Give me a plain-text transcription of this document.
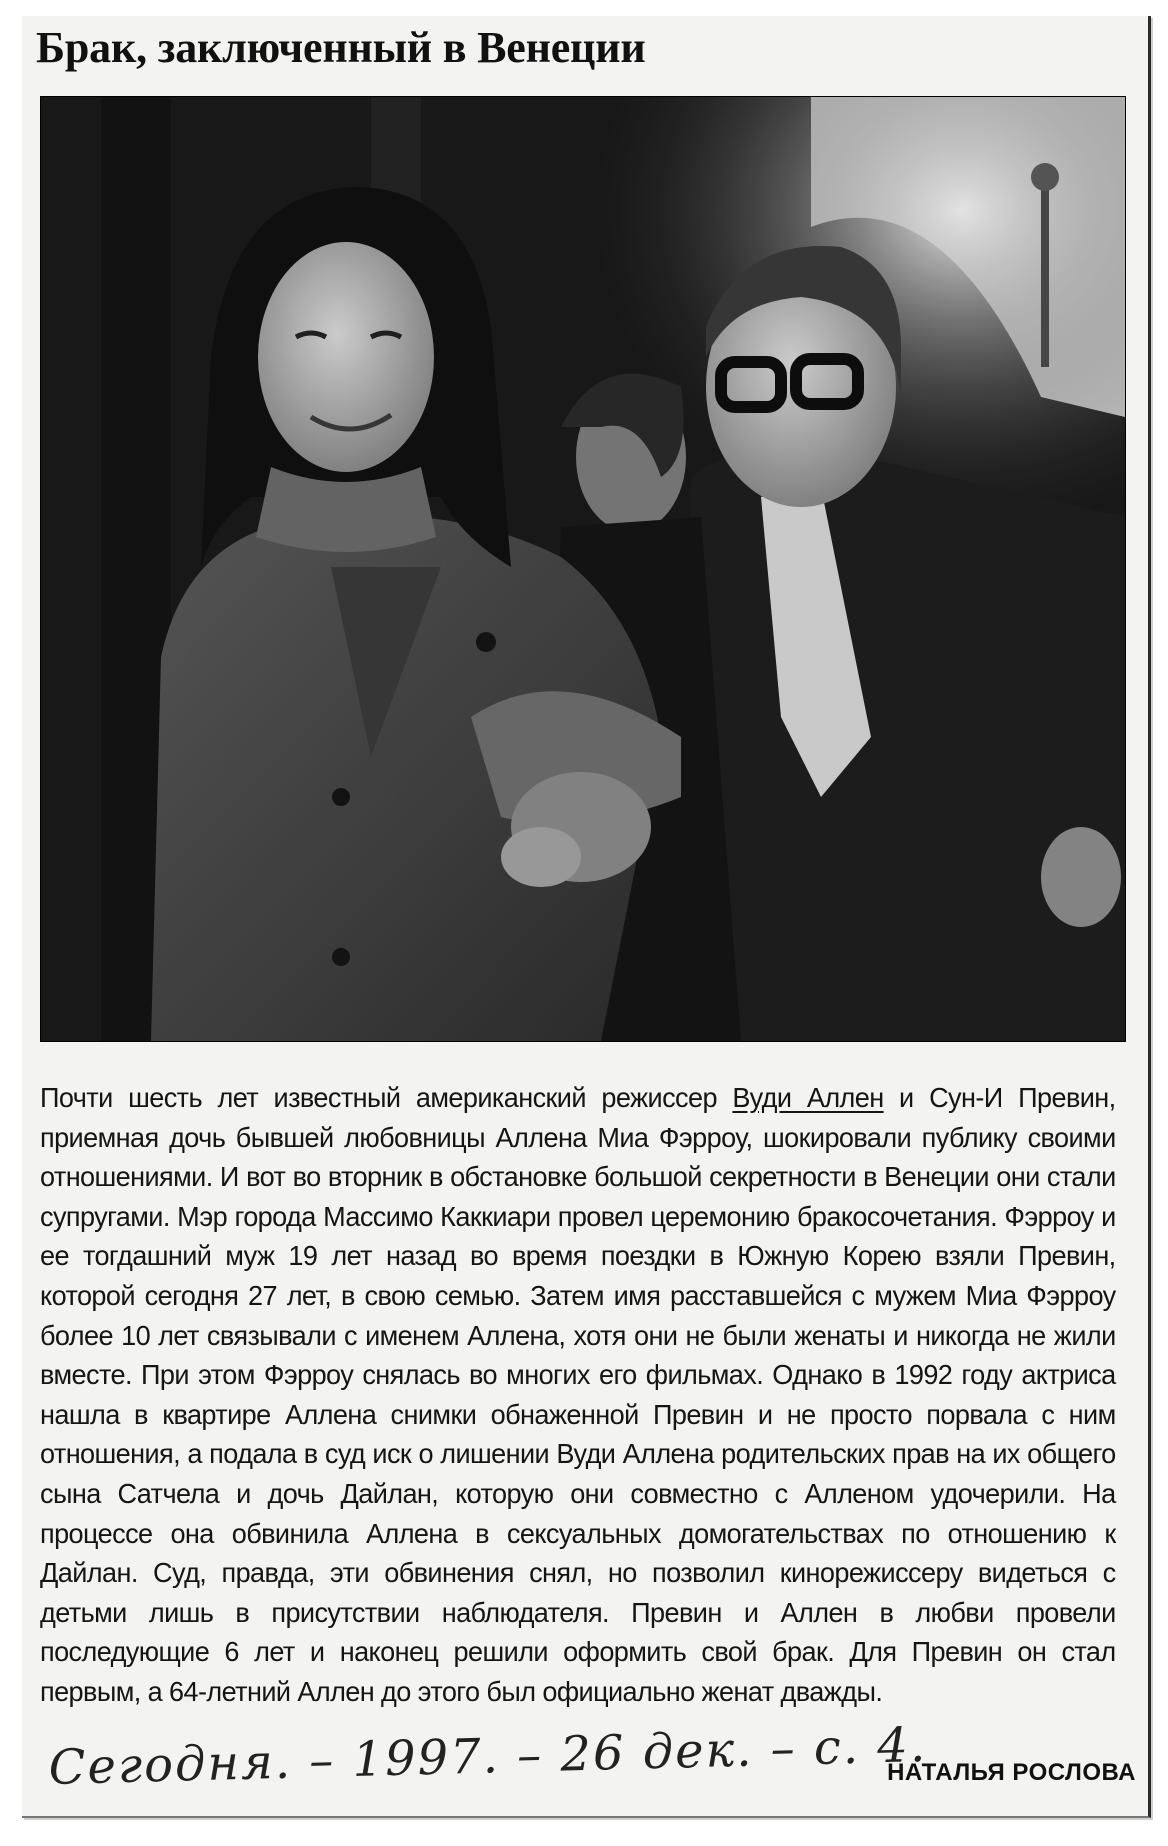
Брак, заключенный в Венеции
Почти шесть лет известный американский режиссер Вуди Аллен и Сун-И Превин, приемная дочь бывшей любовницы Аллена Миа Фэрроу, шокировали публику своими отношениями. И вот во вторник в обстановке большой секретности в Венеции они стали супругами. Мэр города Массимо Каккиари провел церемонию бракосочетания. Фэрроу и ее тогдашний муж 19 лет назад во время поездки в Южную Корею взяли Превин, которой сегодня 27 лет, в свою семью. Затем имя расставшейся с мужем Миа Фэрроу более 10 лет связывали с именем Аллена, хотя они не были женаты и никогда не жили вместе. При этом Фэрроу снялась во многих его фильмах. Однако в 1992 году актриса нашла в квартире Аллена снимки обнаженной Превин и не просто порвала с ним отношения, а подала в суд иск о лишении Вуди Аллена родительских прав на их общего сына Сатчела и дочь Дайлан, которую они совместно с Алленом удочерили. На процессе она обвинила Аллена в сексуальных домогательствах по отношению к Дайлан. Суд, правда, эти обвинения снял, но позволил кинорежиссеру видеться с детьми лишь в присутствии наблюдателя. Превин и Аллен в любви провели последующие 6 лет и наконец решили оформить свой брак. Для Превин он стал первым, а 64-летний Аллен до этого был официально женат дважды.
Сегодня. – 1997. – 26 дек. – с. 4.
НАТАЛЬЯ РОСЛОВА
